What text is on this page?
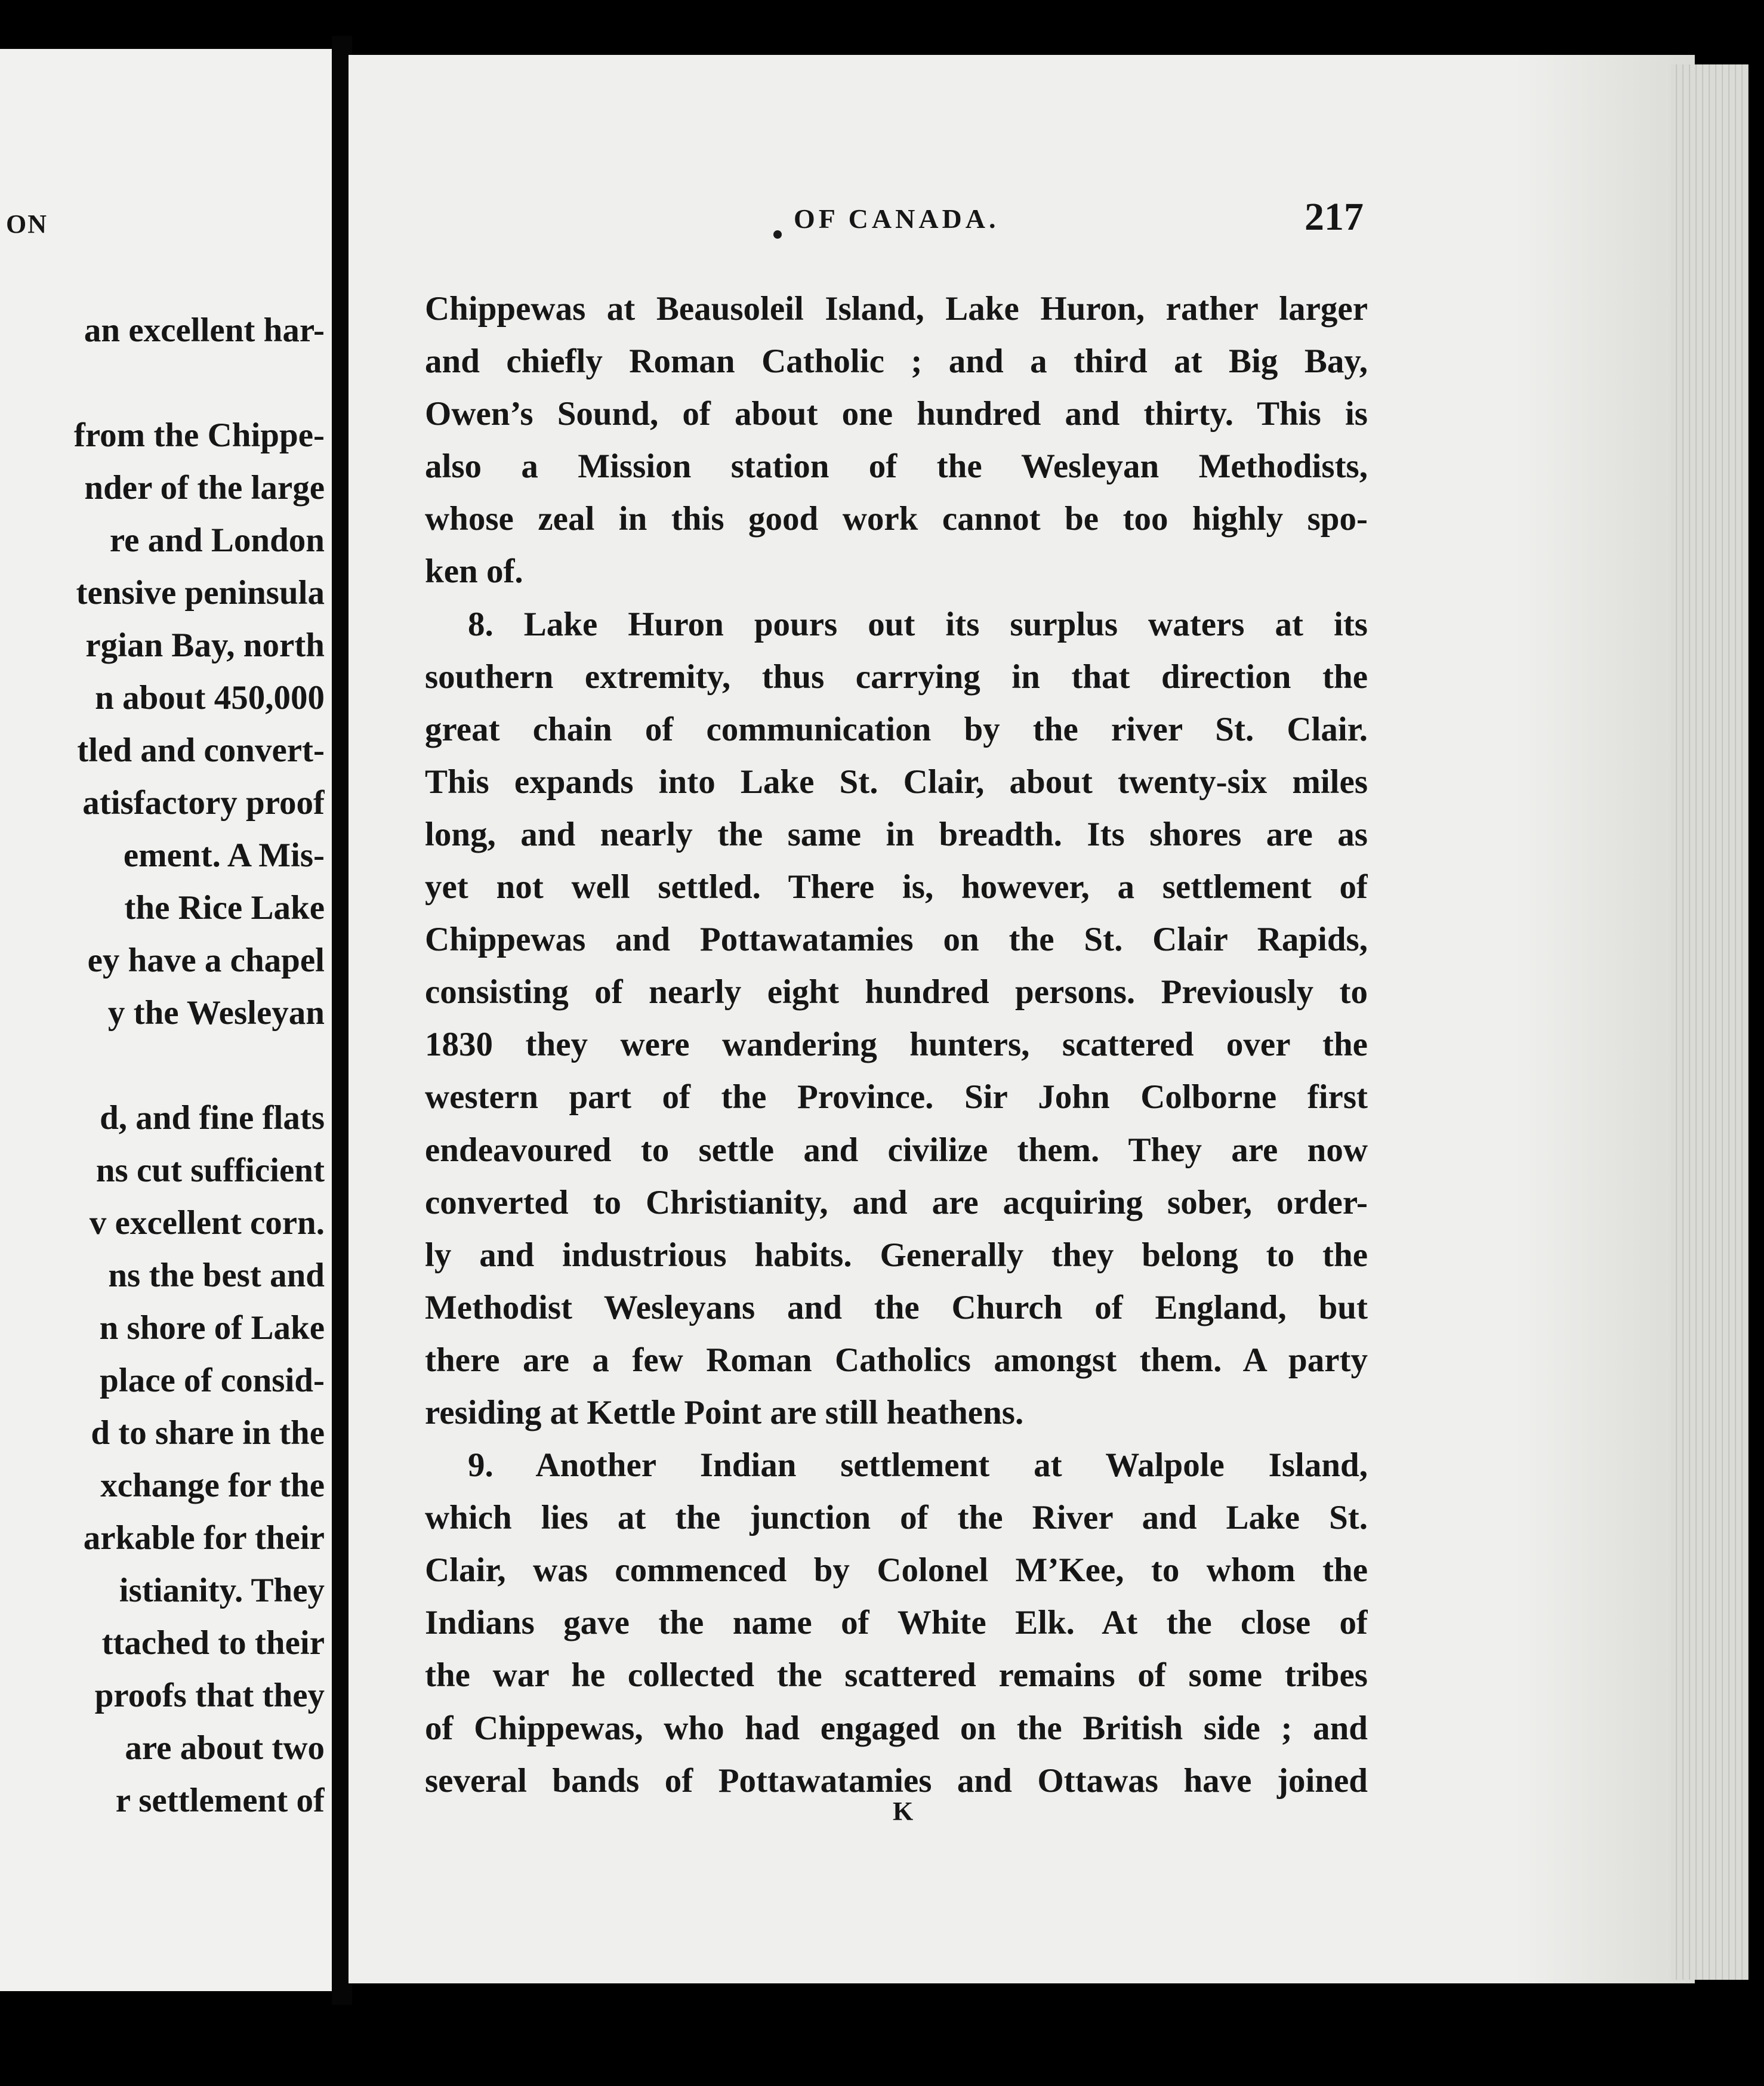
ON
an excellent har-
from the Chippe-
nder of the large
re and London
tensive peninsula
rgian Bay, north
n about 450,000
tled and convert-
atisfactory proof
ement. A Mis-
the Rice Lake
ey have a chapel
y the Wesleyan
d, and fine flats
ns cut sufficient
v excellent corn.
ns the best and
n shore of Lake
place of consid-
d to share in the
xchange for the
arkable for their
istianity. They
ttached to their
proofs that they
are about two
r settlement of
OF CANADA.	217
Chippewas at Beausoleil Island, Lake Huron, rather larger
and chiefly Roman Catholic ; and a third at Big Bay,
Owen’s Sound, of about one hundred and thirty. This is
also a Mission station of the Wesleyan Methodists,
whose zeal in this good work cannot be too highly spo-
ken of.
8. Lake Huron pours out its surplus waters at its
southern extremity, thus carrying in that direction the
great chain of communication by the river St. Clair.
This expands into Lake St. Clair, about twenty-six miles
long, and nearly the same in breadth. Its shores are as
yet not well settled. There is, however, a settlement of
Chippewas and Pottawatamies on the St. Clair Rapids,
consisting of nearly eight hundred persons. Previously to
1830 they were wandering hunters, scattered over the
western part of the Province. Sir John Colborne first
endeavoured to settle and civilize them. They are now
converted to Christianity, and are acquiring sober, order-
ly and industrious habits. Generally they belong to the
Methodist Wesleyans and the Church of England, but
there are a few Roman Catholics amongst them. A party
residing at Kettle Point are still heathens.
9. Another Indian settlement at Walpole Island,
which lies at the junction of the River and Lake St.
Clair, was commenced by Colonel M’Kee, to whom the
Indians gave the name of White Elk. At the close of
the war he collected the scattered remains of some tribes
of Chippewas, who had engaged on the British side ; and
several bands of Pottawatamies and Ottawas have joined
K
